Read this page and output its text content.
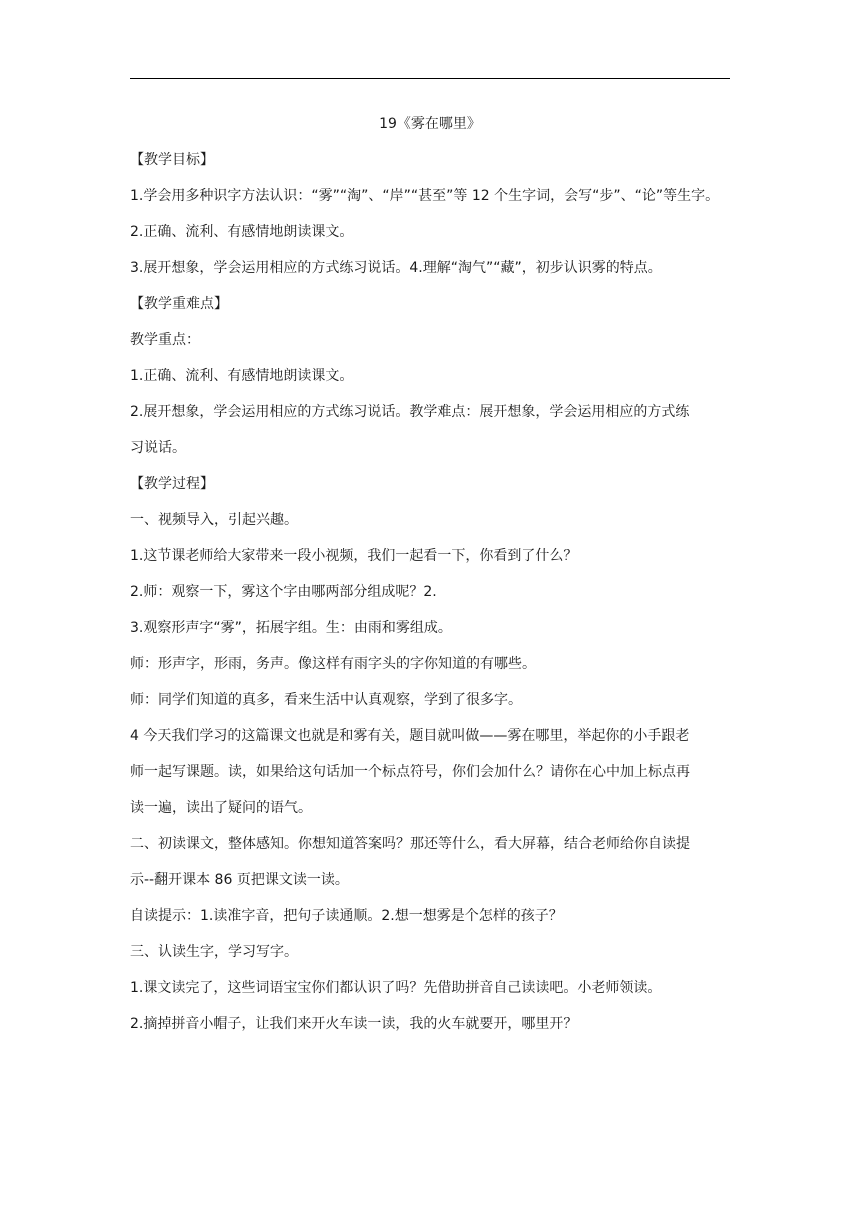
19《雾在哪里》
【教学目标】
1.学会用多种识字方法认识：“雾”“淘”、“岸”“甚至”等 12 个生字词，会写“步”、“论”等生字。
2.正确、流利、有感情地朗读课文。
3.展开想象，学会运用相应的方式练习说话。4.理解“淘气”“藏”，初步认识雾的特点。
【教学重难点】
教学重点：
1.正确、流利、有感情地朗读课文。
2.展开想象，学会运用相应的方式练习说话。教学难点：展开想象，学会运用相应的方式练
习说话。
【教学过程】
一、视频导入，引起兴趣。
1.这节课老师给大家带来一段小视频，我们一起看一下，你看到了什么？
2.师：观察一下，雾这个字由哪两部分组成呢？2.
3.观察形声字“雾”，拓展字组。生：由雨和雾组成。
师：形声字，形雨，务声。像这样有雨字头的字你知道的有哪些。
师：同学们知道的真多，看来生活中认真观察，学到了很多字。
4 今天我们学习的这篇课文也就是和雾有关，题目就叫做——雾在哪里，举起你的小手跟老
师一起写课题。读，如果给这句话加一个标点符号，你们会加什么？请你在心中加上标点再
读一遍，读出了疑问的语气。
二、初读课文，整体感知。你想知道答案吗？那还等什么，看大屏幕，结合老师给你自读提
示--翻开课本 86 页把课文读一读。
自读提示：1.读准字音，把句子读通顺。2.想一想雾是个怎样的孩子？
三、认读生字，学习写字。
1.课文读完了，这些词语宝宝你们都认识了吗？先借助拼音自己读读吧。小老师领读。
2.摘掉拼音小帽子，让我们来开火车读一读，我的火车就要开，哪里开？
